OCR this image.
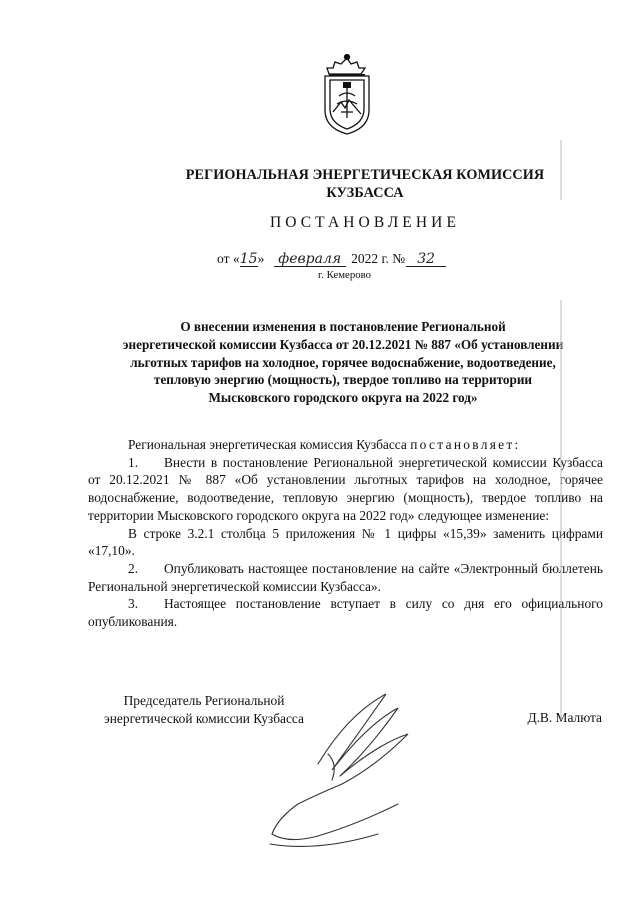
РЕГИОНАЛЬНАЯ ЭНЕРГЕТИЧЕСКАЯ КОМИССИЯ
КУЗБАССА
ПОСТАНОВЛЕНИЕ
от «15» февраля 2022 г. № 32
г. Кемерово
О внесении изменения в постановление Региональной
энергетической комиссии Кузбасса от 20.12.2021 № 887 «Об установлении
льготных тарифов на холодное, горячее водоснабжение, водоотведение,
тепловую энергию (мощность), твердое топливо на территории
Мысковского городского округа на 2022 год»

Региональная энергетическая комиссия Кузбасса постановляет:

1. Внести в постановление Региональной энергетической комиссии Кузбасса от 20.12.2021 № 887 «Об установлении льготных тарифов на холодное, горячее водоснабжение, водоотведение, тепловую энергию (мощность), твердое топливо на территории Мысковского городского округа на 2022 год» следующее изменение:

В строке 3.2.1 столбца 5 приложения № 1 цифры «15,39» заменить цифрами «17,10».

2. Опубликовать настоящее постановление на сайте «Электронный бюллетень Региональной энергетической комиссии Кузбасса».

3. Настоящее постановление вступает в силу со дня его официального опубликования.

Председатель Региональной
энергетической комиссии Кузбасса	Д.В. Малюта
